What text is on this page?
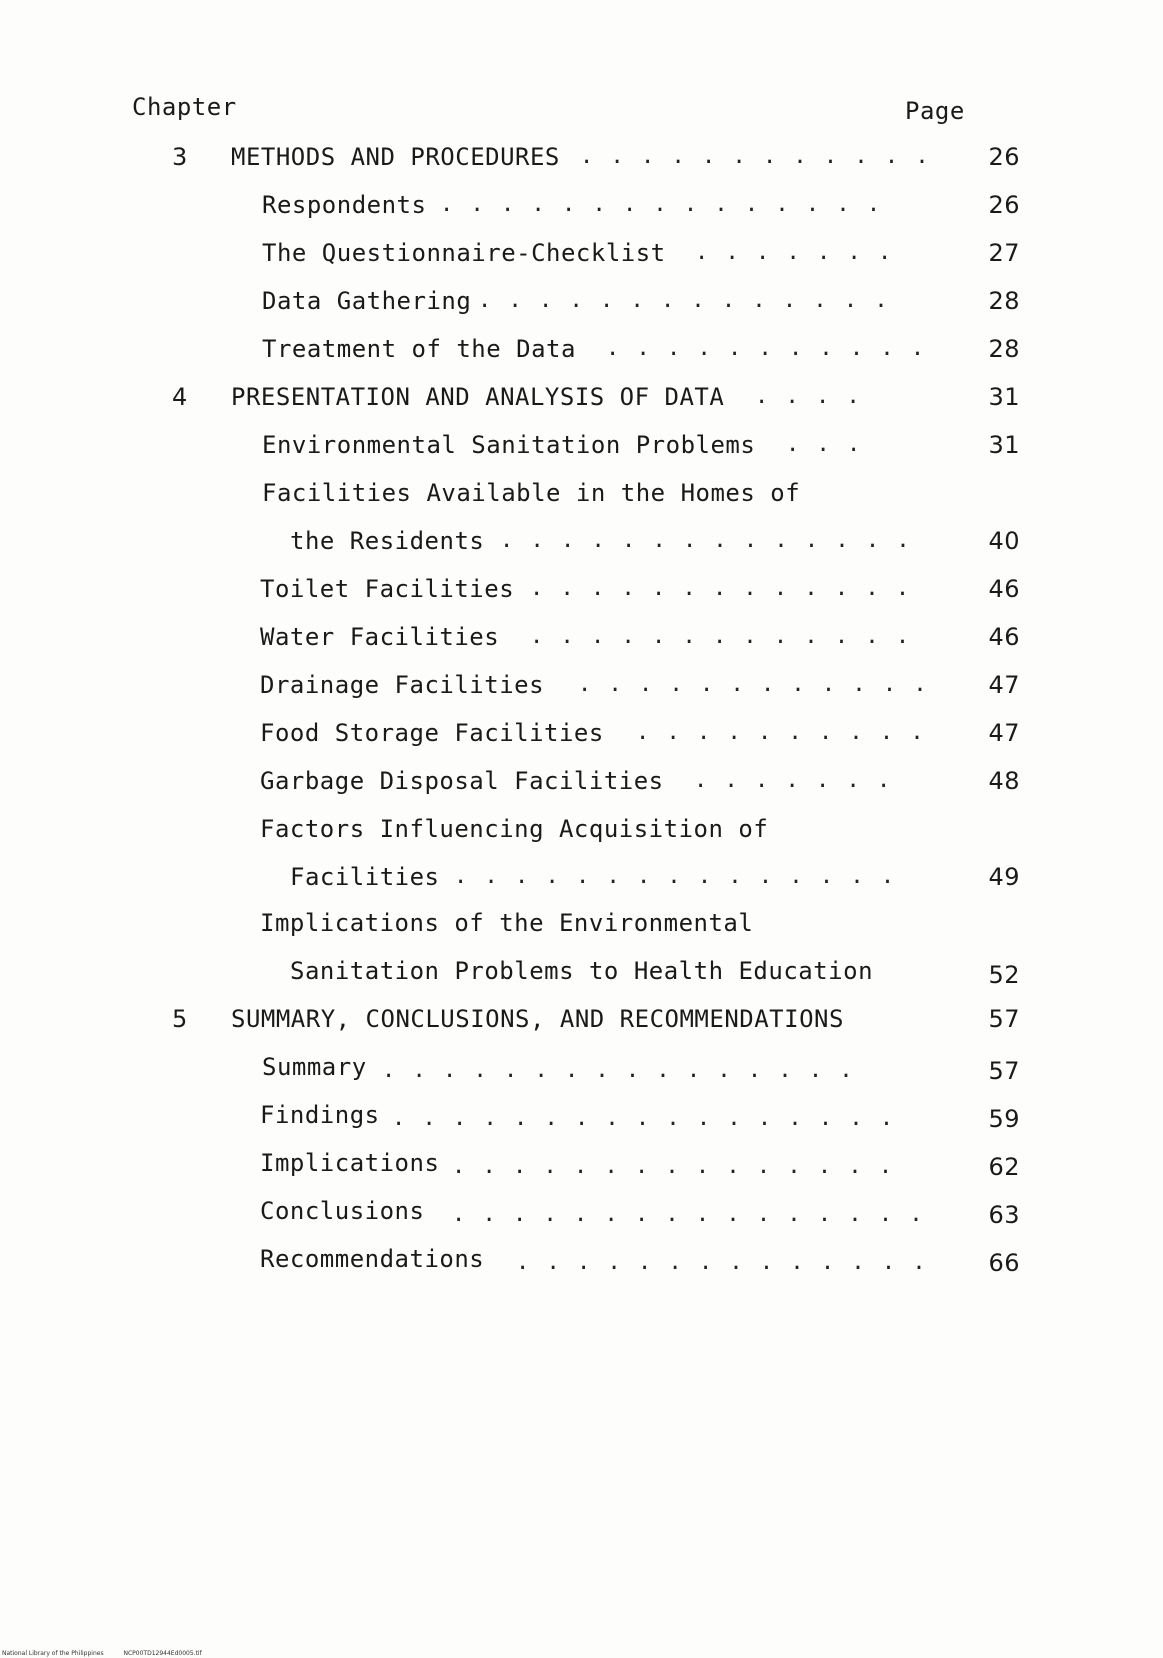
Chapter	Page
3 METHODS AND PROCEDURES . . . . . . . . . . . .	26
Respondents . . . . . . . . . . . . . . .	26
The Questionnaire-Checklist . . . . . . .	27
Data Gathering . . . . . . . . . . . . . .	28
Treatment of the Data . . . . . . . . . . .	28
4 PRESENTATION AND ANALYSIS OF DATA . . . .	31
Environmental Sanitation Problems . . .	31
Facilities Available in the Homes of
the Residents . . . . . . . . . . . . . .	40
Toilet Facilities . . . . . . . . . . . . .	46
Water Facilities . . . . . . . . . . . . .	46
Drainage Facilities . . . . . . . . . . . .	47
Food Storage Facilities . . . . . . . . . .	47
Garbage Disposal Facilities . . . . . . .	48
Factors Influencing Acquisition of
Facilities . . . . . . . . . . . . . . .	49
Implications of the Environmental
Sanitation Problems to Health Education	52
5 SUMMARY, CONCLUSIONS, AND RECOMMENDATIONS	57
Summary . . . . . . . . . . . . . . . .	57
Findings . . . . . . . . . . . . . . . . .	59
Implications . . . . . . . . . . . . . . .	62
Conclusions . . . . . . . . . . . . . . . .	63
Recommendations . . . . . . . . . . . . . .	66
National Library of the Philippines	NCP00TD12944Ed0005.tif
